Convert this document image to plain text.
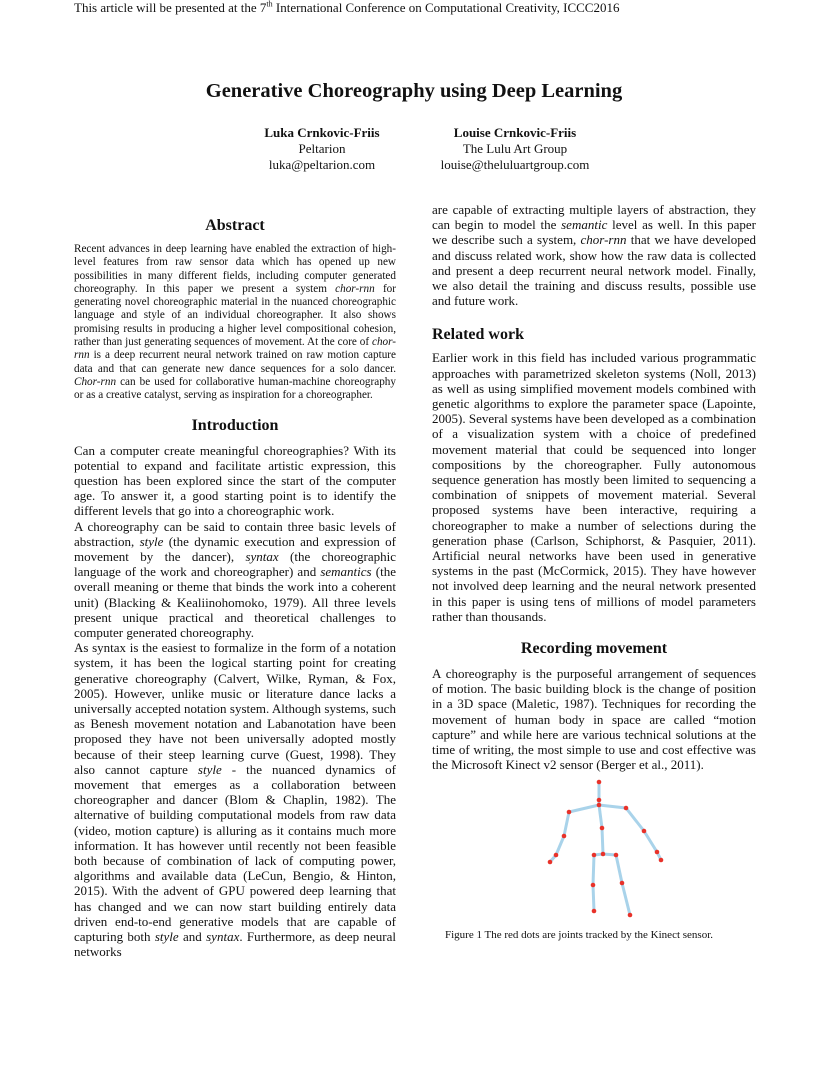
This article will be presented at the 7th International Conference on Computational Creativity, ICCC2016
Generative Choreography using Deep Learning
Luka Crnkovic-Friis
Peltarion
luka@peltarion.com
Louise Crnkovic-Friis
The Lulu Art Group
louise@theluluartgroup.com
Abstract

Recent advances in deep learning have enabled the extraction of high-level features from raw sensor data which has opened up new possibilities in many different fields, including computer generated choreography. In this paper we present a system chor-rnn for generating novel choreographic material in the nuanced choreographic language and style of an individual choreographer. It also shows promising results in producing a higher level compositional cohesion, rather than just generating sequences of movement. At the core of chor-rnn is a deep recurrent neural network trained on raw motion capture data and that can generate new dance sequences for a solo dancer. Chor-rnn can be used for collaborative human-machine choreography or as a creative catalyst, serving as inspiration for a choreographer.

Introduction

Can a computer create meaningful choreographies? With its potential to expand and facilitate artistic expression, this question has been explored since the start of the computer age. To answer it, a good starting point is to identify the different levels that go into a choreographic work.

A choreography can be said to contain three basic levels of abstraction, style (the dynamic execution and expression of movement by the dancer), syntax (the choreographic language of the work and choreographer) and semantics (the overall meaning or theme that binds the work into a coherent unit) (Blacking & Kealiinohomoko, 1979). All three levels present unique practical and theoretical challenges to computer generated choreography.

As syntax is the easiest to formalize in the form of a notation system, it has been the logical starting point for creating generative choreography (Calvert, Wilke, Ryman, & Fox, 2005). However, unlike music or literature dance lacks a universally accepted notation system. Although systems, such as Benesh movement notation and Labanotation have been proposed they have not been universally adopted mostly because of their steep learning curve (Guest, 1998). They also cannot capture style - the nuanced dynamics of movement that emerges as a collaboration between choreographer and dancer (Blom & Chaplin, 1982). The alternative of building computational models from raw data (video, motion capture) is alluring as it contains much more information. It has however until recently not been feasible both because of combination of lack of computing power, algorithms and available data (LeCun, Bengio, & Hinton, 2015). With the advent of GPU powered deep learning that has changed and we can now start building entirely data driven end-to-end generative models that are capable of capturing both style and syntax. Furthermore, as deep neural networks

are capable of extracting multiple layers of abstraction, they can begin to model the semantic level as well. In this paper we describe such a system, chor-rnn that we have developed and discuss related work, show how the raw data is collected and present a deep recurrent neural network model. Finally, we also detail the training and discuss results, possible use and future work.

Related work

Earlier work in this field has included various programmatic approaches with parametrized skeleton systems (Noll, 2013) as well as using simplified movement models combined with genetic algorithms to explore the parameter space (Lapointe, 2005). Several systems have been developed as a combination of a visualization system with a choice of predefined movement material that could be sequenced into longer compositions by the choreographer. Fully autonomous sequence generation has mostly been limited to sequencing a combination of snippets of movement material. Several proposed systems have been interactive, requiring a choreographer to make a number of selections during the generation phase (Carlson, Schiphorst, & Pasquier, 2011). Artificial neural networks have been used in generative systems in the past (McCormick, 2015). They have however not involved deep learning and the neural network presented in this paper is using tens of millions of model parameters rather than thousands.

Recording movement

A choreography is the purposeful arrangement of sequences of motion. The basic building block is the change of position in a 3D space (Maletic, 1987). Techniques for recording the movement of human body in space are called “motion capture” and while here are various technical solutions at the time of writing, the most simple to use and cost effective was the Microsoft Kinect v2 sensor (Berger et al., 2011).

Figure 1 The red dots are joints tracked by the Kinect sensor.
